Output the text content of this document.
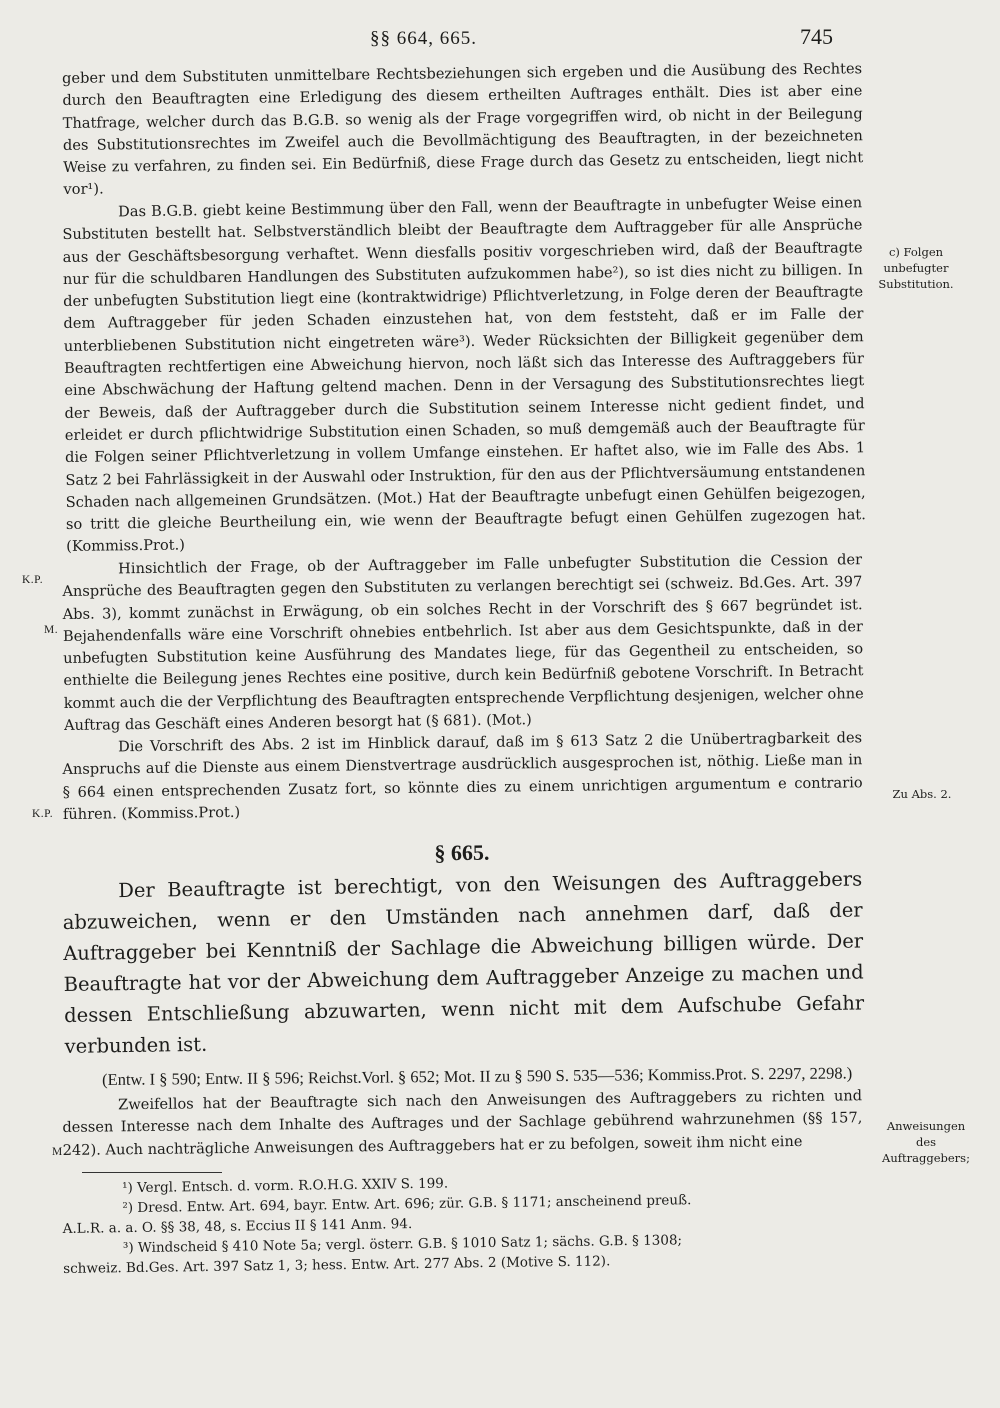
§§ 664, 665.	745

geber und dem Substituten unmittelbare Rechtsbeziehungen sich ergeben und die Ausübung des Rechtes durch den Beauftragten eine Erledigung des diesem ertheilten Auftrages enthält. Dies ist aber eine Thatfrage, welcher durch das B.G.B. so wenig als der Frage vorgegriffen wird, ob nicht in der Beilegung des Substitutionsrechtes im Zweifel auch die Bevollmächtigung des Beauftragten, in der bezeichneten Weise zu verfahren, zu finden sei. Ein Bedürfniß, diese Frage durch das Gesetz zu entscheiden, liegt nicht vor¹).

Das B.G.B. giebt keine Bestimmung über den Fall, wenn der Beauftragte in unbefugter Weise einen Substituten bestellt hat. Selbstverständlich bleibt der Beauftragte dem Auftraggeber für alle Ansprüche aus der Geschäftsbesorgung verhaftet. Wenn diesfalls positiv vorgeschrieben wird, daß der Beauftragte nur für die schuldbaren Handlungen des Substituten aufzukommen habe²), so ist dies nicht zu billigen. In der unbefugten Substitution liegt eine (kontraktwidrige) Pflichtverletzung, in Folge deren der Beauftragte dem Auftraggeber für jeden Schaden einzustehen hat, von dem feststeht, daß er im Falle der unterbliebenen Substitution nicht eingetreten wäre³). Weder Rücksichten der Billigkeit gegenüber dem Beauftragten rechtfertigen eine Abweichung hiervon, noch läßt sich das Interesse des Auftraggebers für eine Abschwächung der Haftung geltend machen. Denn in der Versagung des Substitutionsrechtes liegt der Beweis, daß der Auftraggeber durch die Substitution seinem Interesse nicht gedient findet, und erleidet er durch pflichtwidrige Substitution einen Schaden, so muß demgemäß auch der Beauftragte für die Folgen seiner Pflichtverletzung in vollem Umfange einstehen. Er haftet also, wie im Falle des Abs. 1 Satz 2 bei Fahrlässigkeit in der Auswahl oder Instruktion, für den aus der Pflichtversäumung entstandenen Schaden nach allgemeinen Grundsätzen. (Mot.) Hat der Beauftragte unbefugt einen Gehülfen beigezogen, so tritt die gleiche Beurtheilung ein, wie wenn der Beauftragte befugt einen Gehülfen zugezogen hat. (Kommiss.Prot.)

Hinsichtlich der Frage, ob der Auftraggeber im Falle unbefugter Substitution die Cession der Ansprüche des Beauftragten gegen den Substituten zu verlangen berechtigt sei (schweiz. Bd.Ges. Art. 397 Abs. 3), kommt zunächst in Erwägung, ob ein solches Recht in der Vorschrift des § 667 begründet ist. Bejahendenfalls wäre eine Vorschrift ohnebies entbehrlich. Ist aber aus dem Gesichtspunkte, daß in der unbefugten Substitution keine Ausführung des Mandates liege, für das Gegentheil zu entscheiden, so enthielte die Beilegung jenes Rechtes eine positive, durch kein Bedürfniß gebotene Vorschrift. In Betracht kommt auch die der Verpflichtung des Beauftragten entsprechende Verpflichtung desjenigen, welcher ohne Auftrag das Geschäft eines Anderen besorgt hat (§ 681). (Mot.)

Die Vorschrift des Abs. 2 ist im Hinblick darauf, daß im § 613 Satz 2 die Unübertragbarkeit des Anspruchs auf die Dienste aus einem Dienstvertrage ausdrücklich ausgesprochen ist, nöthig. Ließe man in § 664 einen entsprechenden Zusatz fort, so könnte dies zu einem unrichtigen argumentum e contrario führen. (Kommiss.Prot.)

§ 665.

Der Beauftragte ist berechtigt, von den Weisungen des Auftraggebers abzuweichen, wenn er den Umständen nach annehmen darf, daß der Auftraggeber bei Kenntniß der Sachlage die Abweichung billigen würde. Der Beauftragte hat vor der Abweichung dem Auftraggeber Anzeige zu machen und dessen Entschließung abzuwarten, wenn nicht mit dem Aufschube Gefahr verbunden ist.

(Entw. I § 590; Entw. II § 596; Reichst.Vorl. § 652; Mot. II zu § 590 S. 535—536; Kommiss.Prot. S. 2297, 2298.)

Zweifellos hat der Beauftragte sich nach den Anweisungen des Auftraggebers zu richten und dessen Interesse nach dem Inhalte des Auftrages und der Sachlage gebührend wahrzunehmen (§§ 157, 242). Auch nachträgliche Anweisungen des Auftraggebers hat er zu befolgen, soweit ihm nicht eine

¹) Vergl. Entsch. d. vorm. R.O.H.G. XXIV S. 199.

²) Dresd. Entw. Art. 694, bayr. Entw. Art. 696; zür. G.B. § 1171; anscheinend preuß.

A.L.R. a. a. O. §§ 38, 48, s. Eccius II § 141 Anm. 94.

³) Windscheid § 410 Note 5a; vergl. österr. G.B. § 1010 Satz 1; sächs. G.B. § 1308;

schweiz. Bd.Ges. Art. 397 Satz 1, 3; hess. Entw. Art. 277 Abs. 2 (Motive S. 112).

c) Folgen unbefugter Substitution.
Zu Abs. 2.
Anweisungen des Auftraggebers;
K.P.
M.
K.P.
M.
